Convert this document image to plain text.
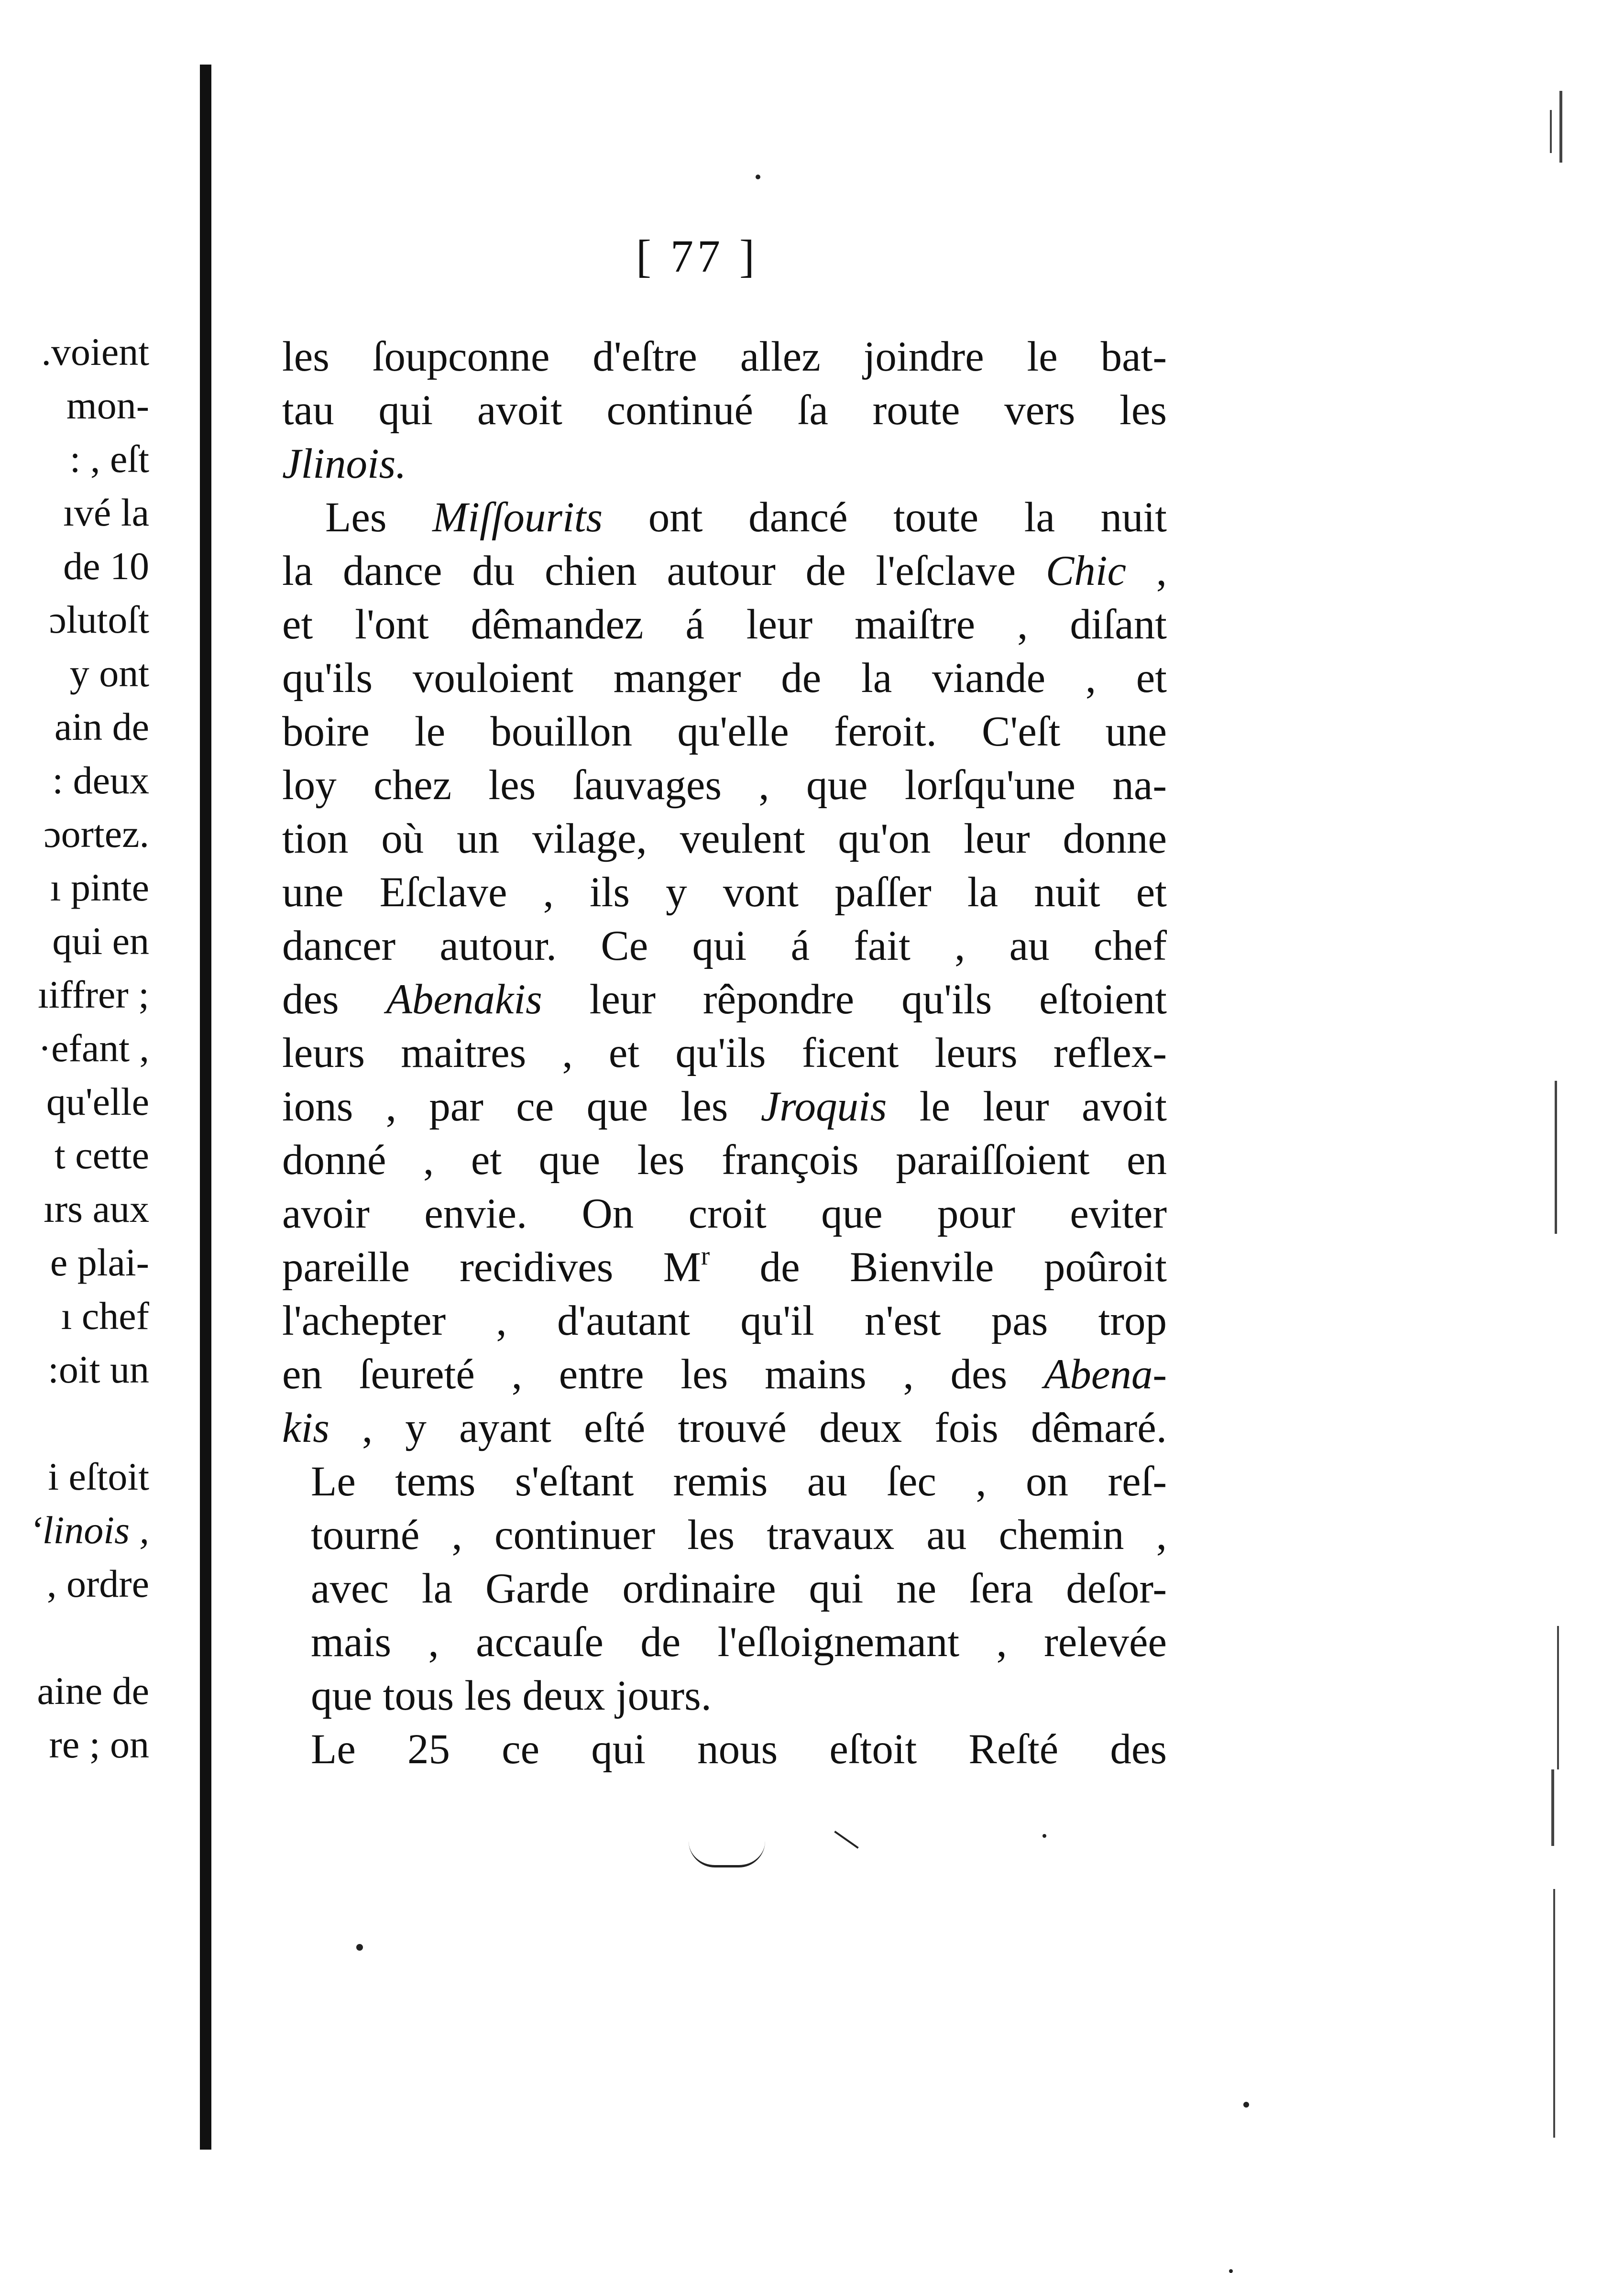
.voient
mon-
: , eſt
ıvé la
de 10
ɔlutoſt
y ont
ain de
: deux
ɔortez.
ı pinte
qui en
ıiffrer ;
·efant ,
qu'elle
t cette
ırs aux
e plai-
ı chef
:oit un
i eſtoit
‘linois ,
, ordre
aine de
re ; on
[ 77 ]
les ſoupconne d'eſtre allez joindre le bat-
tau qui avoit continué ſa route vers les
Jlinois.
Les Miſſourits ont dancé toute la nuit
la dance du chien autour de l'eſclave Chic ,
et l'ont dêmandez á leur maiſtre , diſant
qu'ils vouloient manger de la viande , et
boire le bouillon qu'elle feroit. C'eſt une
loy chez les ſauvages , que lorſqu'une na-
tion où un vilage, veulent qu'on leur donne
une Eſclave , ils y vont paſſer la nuit et
dancer autour. Ce qui á fait , au chef
des Abenakis leur rêpondre qu'ils eſtoient
leurs maitres , et qu'ils ficent leurs reflex-
ions , par ce que les Jroquis le leur avoit
donné , et que les françois paraiſſoient en
avoir envie. On croit que pour eviter
pareille recidives $M^r$ de Bienvile poûroit
l'achepter , d'autant qu'il n'est pas trop
en ſeureté , entre les mains , des Abena-
kis , y ayant eſté trouvé deux fois dêmaré.
Le tems s'eſtant remis au ſec , on reſ-
tourné , continuer les travaux au chemin ,
avec la Garde ordinaire qui ne ſera deſor-
mais , accauſe de l'eſloignemant , relevée
que tous les deux jours.
Le 25 ce qui nous eſtoit Reſté des
